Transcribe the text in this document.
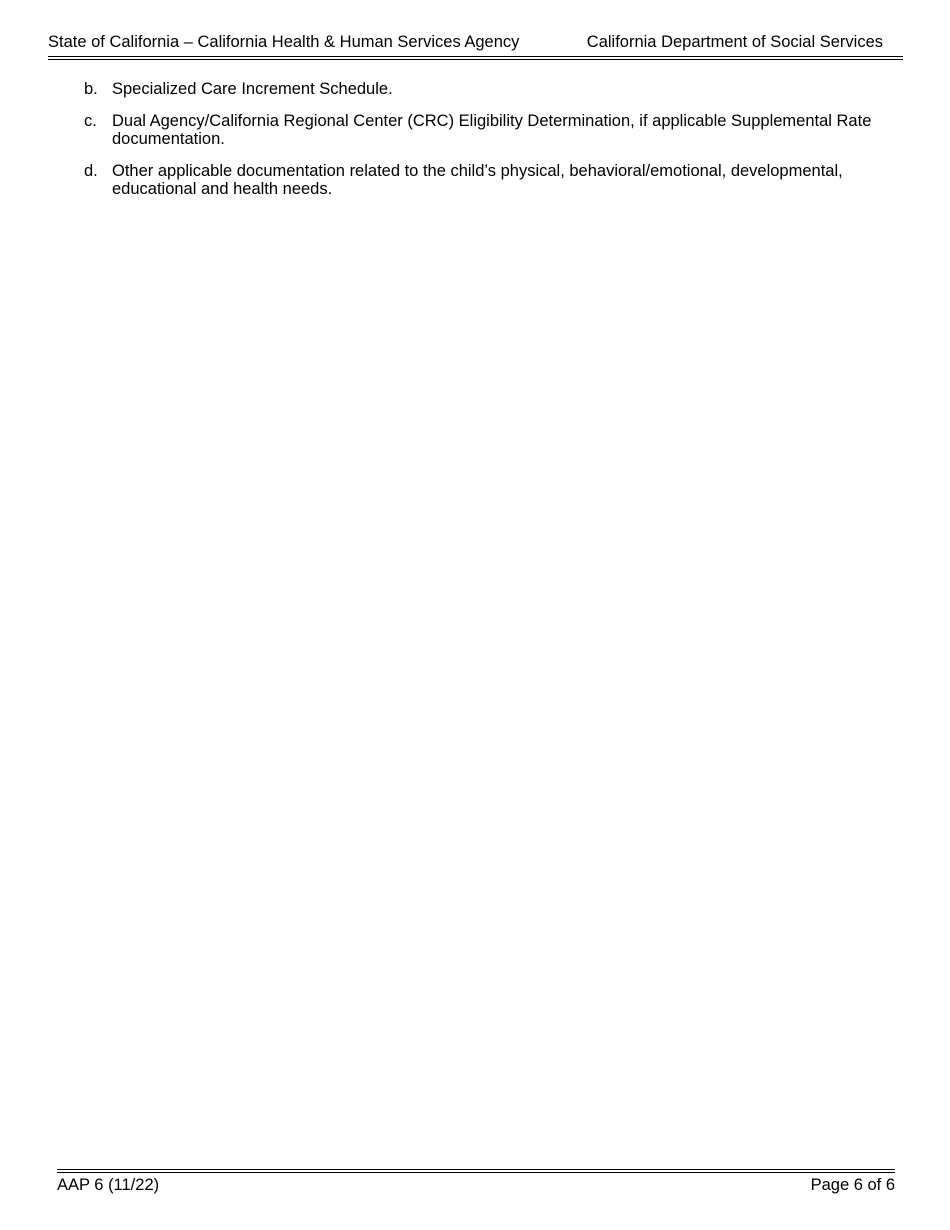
State of California – California Health & Human Services Agency	California Department of Social Services
b. Specialized Care Increment Schedule.
c. Dual Agency/California Regional Center (CRC) Eligibility Determination, if applicable Supplemental Rate documentation.
d. Other applicable documentation related to the child’s physical, behavioral/emotional, developmental, educational and health needs.
AAP 6 (11/22)	Page 6 of 6
